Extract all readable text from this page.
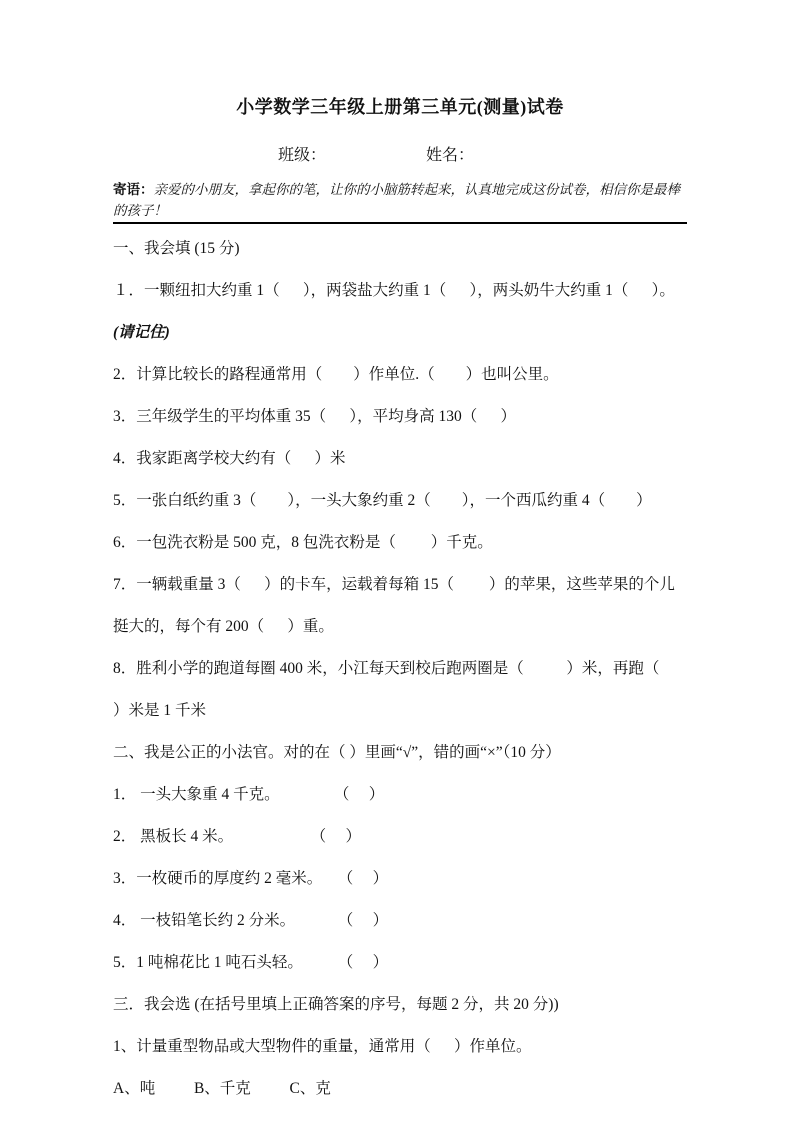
小学数学三年级上册第三单元(测量)试卷
班级：	姓名：

寄语：亲爱的小朋友，拿起你的笔，让你的小脑筋转起来，认真地完成这份试卷，相信你是最棒的孩子！

一、我会填 (15 分)

１．一颗纽扣大约重 1（      ），两袋盐大约重 1（      ），两头奶牛大约重 1（      ）。(请记住)

2．计算比较长的路程通常用（        ）作单位.（        ）也叫公里。

3．三年级学生的平均体重 35（      ），平均身高 130（      ）

4．我家距离学校大约有（      ）米

5．一张白纸约重 3（        ），一头大象约重 2（        ），一个西瓜约重 4（        ）

6．一包洗衣粉是 500 克，8 包洗衣粉是（         ）千克。

7．一辆载重量 3（      ）的卡车，运载着每箱 15（         ）的苹果，这些苹果的个儿挺大的，每个有 200（      ）重。

8．胜利小学的跑道每圈 400 米，小江每天到校后跑两圈是（           ）米，再跑（        ）米是 1 千米

二、我是公正的小法官。对的在（ ）里画“√”，错的画“×”（10 分）

1． 一头大象重 4 千克。              （     ）

2． 黑板长 4 米。                    （     ）

3．一枚硬币的厚度约 2 毫米。    （     ）

4． 一枝铅笔长约 2 分米。           （     ）

5．1 吨棉花比 1 吨石头轻。         （     ）

三．我会选 (在括号里填上正确答案的序号，每题 2 分，共 20 分))

1、计量重型物品或大型物件的重量，通常用（      ）作单位。

A、吨          B、千克          C、克
